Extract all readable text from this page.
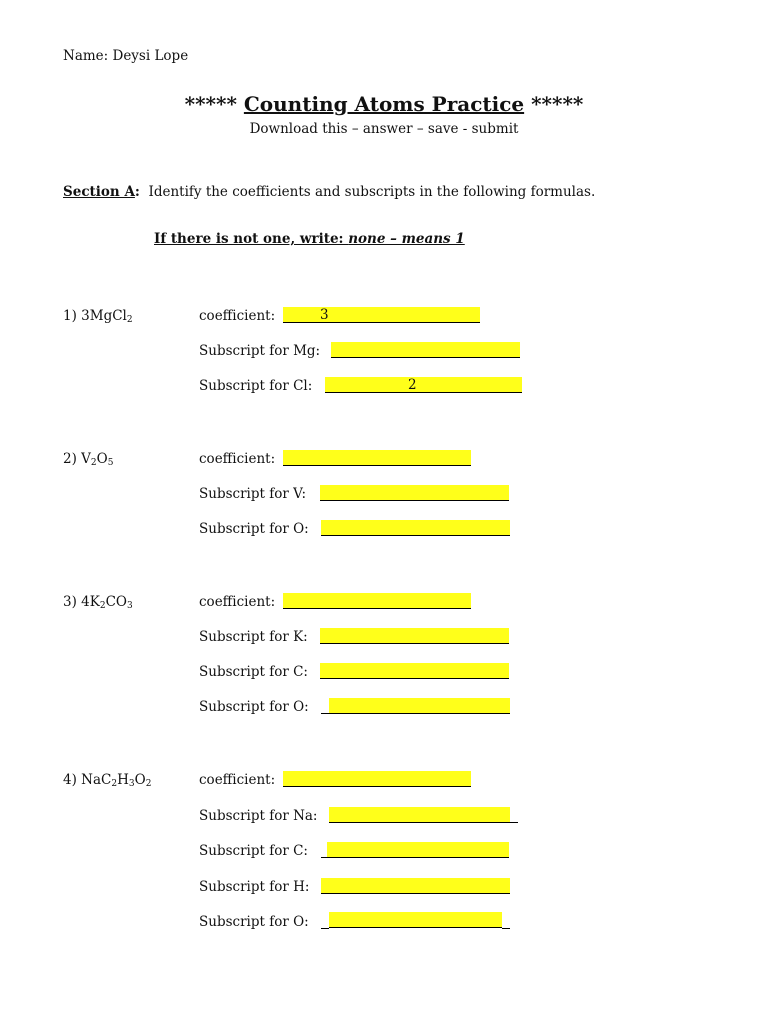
Name: Deysi Lope
***** Counting Atoms Practice *****
Download this – answer – save - submit
Section A: Identify the coefficients and subscripts in the following formulas.
If there is not one, write: none – means 1
1) 3MgCl$_2$	coefficient:	3
Subscript for Mg:
Subscript for Cl:	2
2) $V_2O_5$	coefficient:
Subscript for V:
Subscript for O:
3) $4K_2CO_3$	coefficient:
Subscript for K:
Subscript for C:
Subscript for O:
4) $NaC_2H_3O_2$	coefficient:
Subscript for Na:
Subscript for C:
Subscript for H:
Subscript for O:
